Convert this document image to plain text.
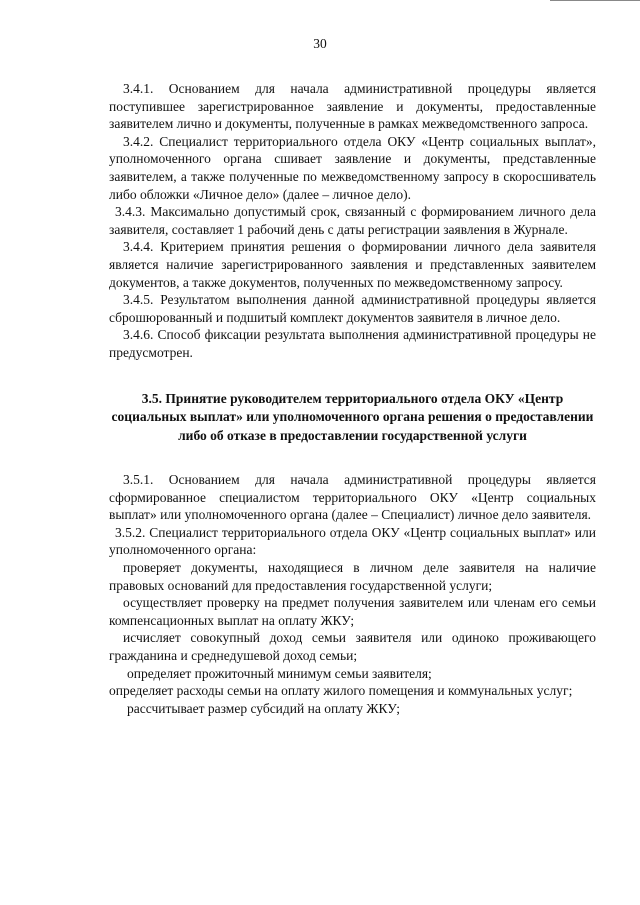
30

3.4.1. Основанием для начала административной процедуры является поступившее зарегистрированное заявление и документы, предоставленные заявителем лично и документы, полученные в рамках межведомственного запроса.

3.4.2. Специалист территориального отдела ОКУ «Центр социальных выплат», уполномоченного органа сшивает заявление и документы, представленные заявителем, а также полученные по межведомственному запросу в скоросшиватель либо обложки «Личное дело» (далее – личное дело).

3.4.3. Максимально допустимый срок, связанный с формированием личного дела заявителя, составляет 1 рабочий день с даты регистрации заявления в Журнале.

3.4.4. Критерием принятия решения о формировании личного дела заявителя является наличие зарегистрированного заявления и представленных заявителем документов, а также документов, полученных по межведомственному запросу.

3.4.5. Результатом выполнения данной административной процедуры является сброшюрованный и подшитый комплект документов заявителя в личное дело.

3.4.6. Способ фиксации результата выполнения административной процедуры не предусмотрен.

3.5. Принятие руководителем территориального отдела ОКУ «Центр социальных выплат» или уполномоченного органа решения о предоставлении либо об отказе в предоставлении государственной услуги

3.5.1. Основанием для начала административной процедуры является сформированное специалистом территориального ОКУ «Центр социальных выплат» или уполномоченного органа (далее – Специалист) личное дело заявителя.

3.5.2. Специалист территориального отдела ОКУ «Центр социальных выплат» или уполномоченного органа:

проверяет документы, находящиеся в личном деле заявителя на наличие правовых оснований для предоставления государственной услуги;

осуществляет проверку на предмет получения заявителем или членам его семьи компенсационных выплат на оплату ЖКУ;

исчисляет совокупный доход семьи заявителя или одиноко проживающего гражданина и среднедушевой доход семьи;

определяет прожиточный минимум семьи заявителя;

определяет расходы семьи на оплату жилого помещения и коммунальных услуг;

рассчитывает размер субсидий на оплату ЖКУ;
